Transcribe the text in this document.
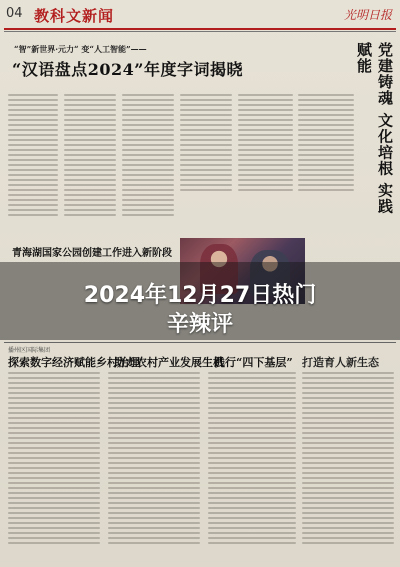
04 教科文新闻	光明日报
“智”新世界·元力“ 变“人工智能”——
“汉语盘点2024”年度字词揭晓	党建铸魂 文化培根 实践赋能
青海湖国家公园创建工作进入新阶段
2024年12月27日热门
辛辣评
播州区国际集团
探索数字经济赋能乡村治理
助力农村产业发展生机
践行“四下基层” 打造育人新生态
